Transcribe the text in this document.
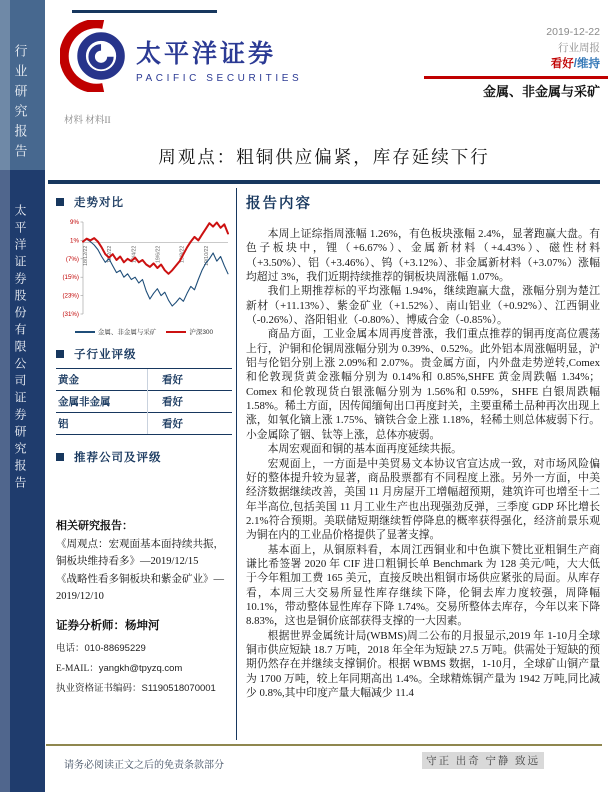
行业研究报告
太平洋证券股份有限公司证券研究报告
太平洋证券
PACIFIC SECURITIES
2019-12-22
行业周报
看好/维持
金属、非金属与采矿
材料 材料II
周观点：粗铜供应偏紧，库存延续下行
走势对比
9%
1%
(7%)
(15%)
(23%)
(31%)
18/12/22	19/2/22	19/4/22	19/6/22	19/8/22	19/10/22
金属、非金属与采矿	沪深300
子行业评级
黄金	看好
金属非金属	看好
铝	看好
推荐公司及评级
相关研究报告：
《周观点：宏观面基本面持续共振，铜板块维持看多》—2019/12/15
《战略性看多铜板块和紫金矿业》—2019/12/10
证券分析师：杨坤河
电话：010-88695229
E-MAIL：yangkh@tpyzq.com
执业资格证书编码：S1190518070001
报告内容

本周上证综指周涨幅 1.26%，有色板块涨幅 2.4%，显著跑赢大盘。有色子板块中，锂（+6.67%）、金属新材料（+4.43%）、磁性材料（+3.50%）、铝（+3.46%）、钨（+3.12%）、非金属新材料（+3.07%）涨幅均超过 3%，我们近期持续推荐的铜板块周涨幅 1.07%。

我们上期推荐标的平均涨幅 1.94%，继续跑赢大盘，涨幅分别为楚江新材（+11.13%）、紫金矿业（+1.52%）、南山铝业（+0.92%）、江西铜业（-0.26%）、洛阳钼业（-0.80%）、博威合金（-0.85%）。

商品方面，工业金属本周再度普涨，我们重点推荐的铜再度高位震荡上行，沪铜和伦铜周涨幅分别为 0.39%、0.52%。此外铝本周涨幅明显，沪铝与伦铝分别上涨 2.09%和 2.07%。贵金属方面，内外盘走势逆转,Comex 和伦敦现货黄金涨幅分别为 0.14%和 0.85%,SHFE 黄金周跌幅 1.34%；Comex 和伦敦现货白银涨幅分别为 1.56%和 0.59%，SHFE 白银周跌幅 1.58%。稀土方面，因传闻缅甸出口再度封关，主要重稀土品种再次出现上涨，如氧化镝上涨 1.75%、镝铁合金上涨 1.18%，轻稀土则总体疲弱下行。小金属除了铟、钛等上涨，总体亦疲弱。

本周宏观面和铜的基本面再度延续共振。

宏观面上，一方面是中美贸易文本协议官宣达成一致，对市场风险偏好的整体提升较为显著，商品股票都有不同程度上涨。另外一方面，中美经济数据继续改善，美国 11 月房屋开工增幅超预期，建筑许可也增至十二年半高位,包括美国 11 月工业生产也出现强劲反弹，三季度 GDP 环比增长 2.1%符合预期。美联储短期继续暂停降息的概率获得强化，经济前景乐观为铜在内的工业品价格提供了显著支撑。

基本面上，从铜原料看，本周江西铜业和中色旗下赞比亚粗铜生产商谦比希签署 2020 年 CIF 进口粗铜长单 Benchmark 为 128 美元/吨，大大低于今年粗加工费 165 美元，直接反映出粗铜市场供应紧张的局面。从库存看，本周三大交易所显性库存继续下降，伦铜去库力度较强，周降幅 10.1%，带动整体显性库存下降 1.74%。交易所整体去库存，今年以来下降 8.83%，这也是铜价底部获得支撑的一大因素。

根据世界金属统计局(WBMS)周二公布的月报显示,2019 年 1-10月全球铜市供应短缺 18.7 万吨，2018 年全年为短缺 27.5 万吨。供需处于短缺的预期仍然存在并继续支撑铜价。根据 WBMS 数据，1-10月，全球矿山铜产量为 1700 万吨，较上年同期高出 1.4%。全球精炼铜产量为 1942 万吨,同比减少 0.8%,其中印度产量大幅减少 11.4

请务必阅读正文之后的免责条款部分	守正 出奇 宁静 致远
